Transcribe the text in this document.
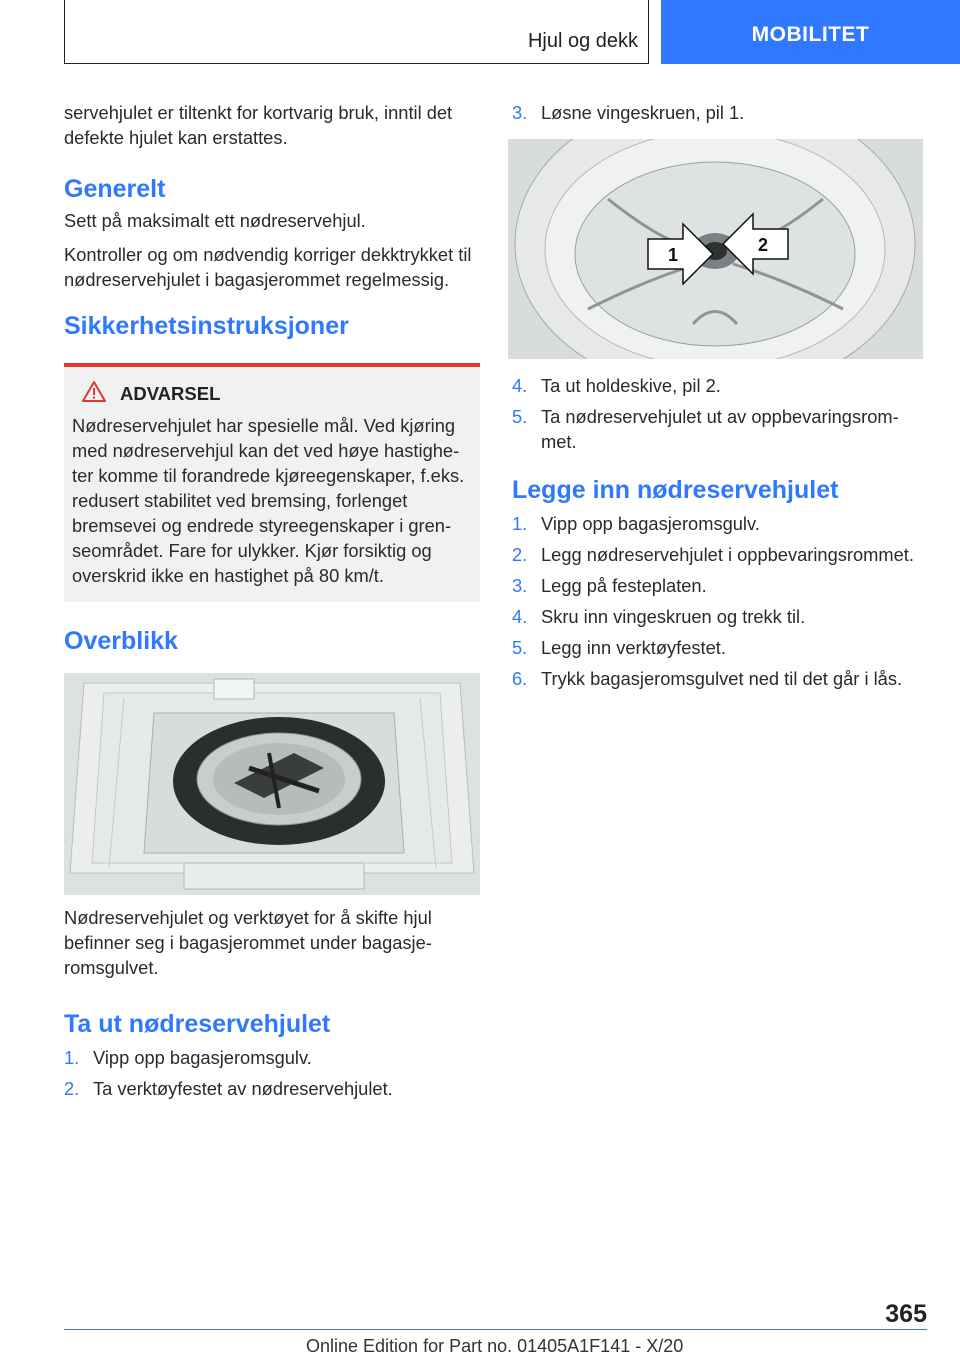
Hjul og dekk	MOBILITET

servehjulet er tiltenkt for kortvarig bruk, inntil det defekte hjulet kan erstattes.

Generelt

Sett på maksimalt ett nødreservehjul.

Kontroller og om nødvendig korriger dekktrykket til nødreservehjulet i bagasjerommet regelmessig.

Sikkerhetsinstruksjoner
ADVARSEL

Nødreservehjulet har spesielle mål. Ved kjøring med nødreservehjul kan det ved høye hastigheter komme til forandrede kjøreegenskaper, f.eks. redusert stabilitet ved bremsing, forlenget bremsevei og endrede styreegenskaper i grenseområdet. Fare for ulykker. Kjør forsiktig og overskrid ikke en hastighet på 80 km/t.

Overblikk

Nødreservehjulet og verktøyet for å skifte hjul befinner seg i bagasjerommet under bagasjeromsgulvet.

Ta ut nødreservehjulet
1. Vipp opp bagasjeromsgulv.
2. Ta verktøyfestet av nødreservehjulet.
3. Løsne vingeskruen, pil 1.
1	2
4. Ta ut holdeskive, pil 2.
5. Ta nødreservehjulet ut av oppbevaringsrommet.
Legge inn nødreservehjulet
1. Vipp opp bagasjeromsgulv.
2. Legg nødreservehjulet i oppbevaringsrommet.
3. Legg på festeplaten.
4. Skru inn vingeskruen og trekk til.
5. Legg inn verktøyfestet.
6. Trykk bagasjeromsgulvet ned til det går i lås.
365
Online Edition for Part no. 01405A1F141 - X/20
